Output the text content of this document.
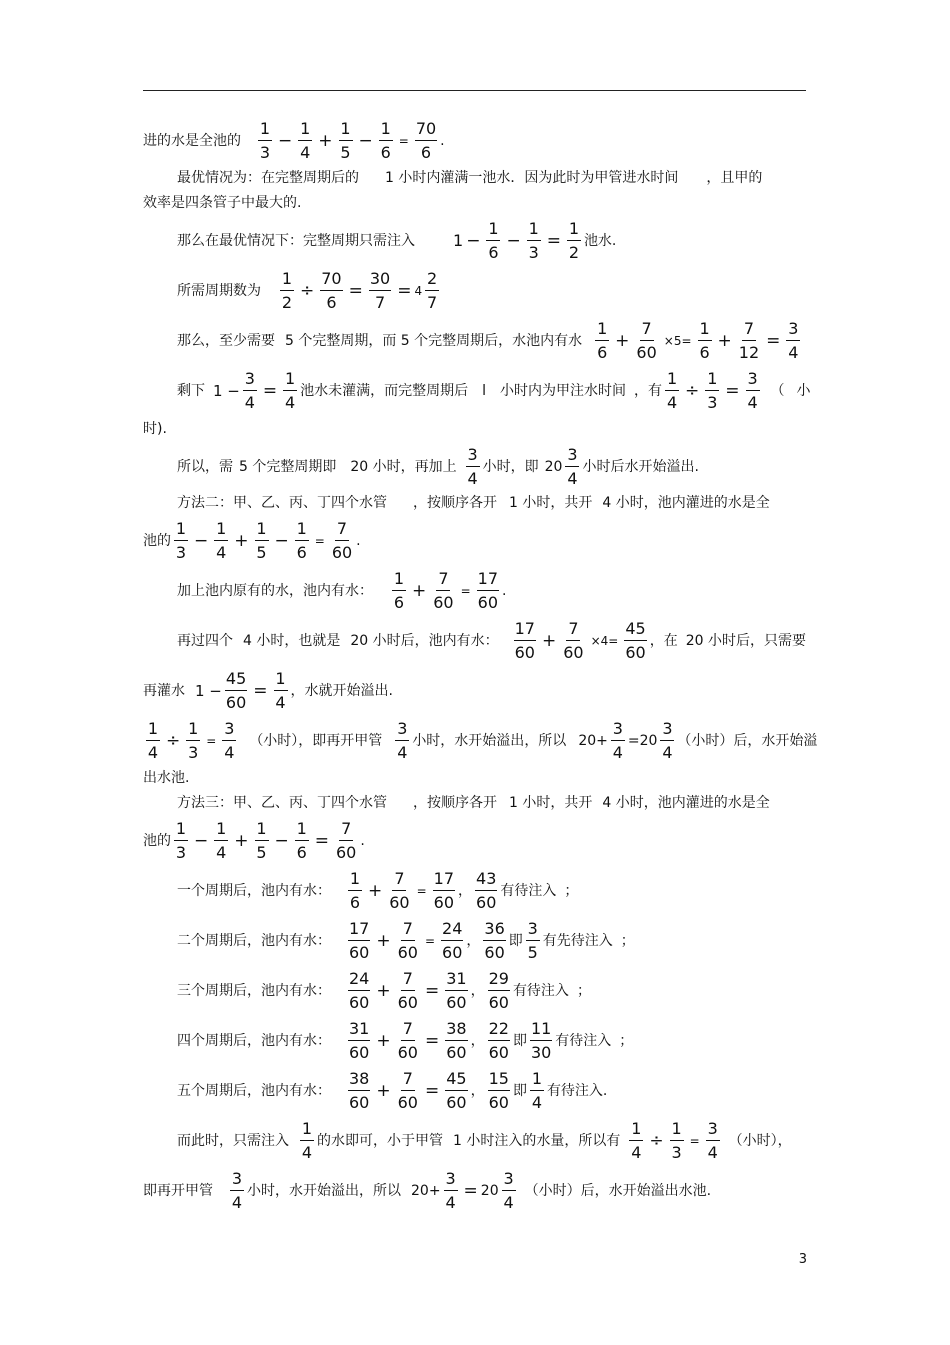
进的水是全池的
1
3
− $\frac{1}{4} + \frac{1}{5} - \frac{1}{6} = \frac{70}{6}$ .
最优情况为：在完整周期后的 1 小时内灌满一池水．因为此时为甲管进水时间 ，且甲的
效率是四条管子中最大的.
那么在最优情况下：完整周期只需注入 $1 - \frac{1}{6} - \frac{1}{3} = \frac{1}{2}$ 池水.
所需周期数为 $\frac{1}{2} \div \frac{70}{6} = \frac{30}{7} = 4$
2
7
那么，至少需要 5 个完整周期 ，而 5 个完整周期后 ，水池内有水
1
6
+ $\frac{7}{60} \times 5= \frac{1}{6} + \frac{7}{12} = \frac{3}{4}$
剩下 $1 - \frac{3}{4} = \frac{1}{4}$ 池水未灌满 ，而完整周期后 l 小时内为甲注水时间 ，有 $\frac{1}{4} \div \frac{1}{3} = \frac{3}{4}$ （ 小
时).
所以，需 5 个完整周期即 20 小时，再加上
3
4
小时，即 20
3
4
小时后水开始溢出.
方法二：甲、乙、丙、丁四个水管 ，按顺序各开 1 小时，共开 4 小时，池内灌进的水是全
池的
1
3
− $\frac{1}{4} + \frac{1}{5} - \frac{1}{6} = \frac{7}{60}$ .
加上池内原有的水 ，池内有水：
1
6
+ $\frac{7}{60} = \frac{17}{60}$ .
再过四个 4 小时，也就是 20 小时后，池内有水：
17
60
+ $\frac{7}{60} \times 4= \frac{45}{60}$ ，在 20 小时后，只需要
再灌水 $1 - \frac{45}{60} = \frac{1}{4}$ ，水就开始溢出.
$\frac{1}{4} \div \frac{1}{3} = \frac{3}{4}$ （小时），即再开甲管
3
4
小时，水开始溢出 ，所以 $20+ \frac{3}{4} =20$
3
4
（小时）后，水开始溢
出水池.
方法三：甲、乙、丙、丁四个水管 ，按顺序各开 1 小时，共开 4 小时，池内灌进的水是全
池的
1
3
− $\frac{1}{4} + \frac{1}{5} - \frac{1}{6} = \frac{7}{60}$ .
一个周期后 ，池内有水：
1
6
+ $\frac{7}{60} = \frac{17}{60}$ ，
43
60
有待注入 ；
二个周期后 ，池内有水：
17
60
+ $\frac{7}{60} = \frac{24}{60}$ ，
36
60
即
3
5
有先待注入 ；
三个周期后 ，池内有水：
24
60
+ $\frac{7}{60} = \frac{31}{60}$ ，
29
60
有待注入 ；
四个周期后 ，池内有水：
31
60
+ $\frac{7}{60} = \frac{38}{60}$ ，
22
60
即
11
30
有待注入 ；
五个周期后 ，池内有水：
38
60
+ $\frac{7}{60} = \frac{45}{60}$ ，
15
60
即
1
4
有待注入.
而此时，只需注入
1
4
的水即可，小于甲管 1 小时注入的水量 ，所以有 $\frac{1}{4} \div \frac{1}{3} = \frac{3}{4}$ （小时），
即再开甲管
3
4
小时，水开始溢出 ，所以 $20+ \frac{3}{4} = 20$
3
4
（小时）后，水开始溢出水池.
3
